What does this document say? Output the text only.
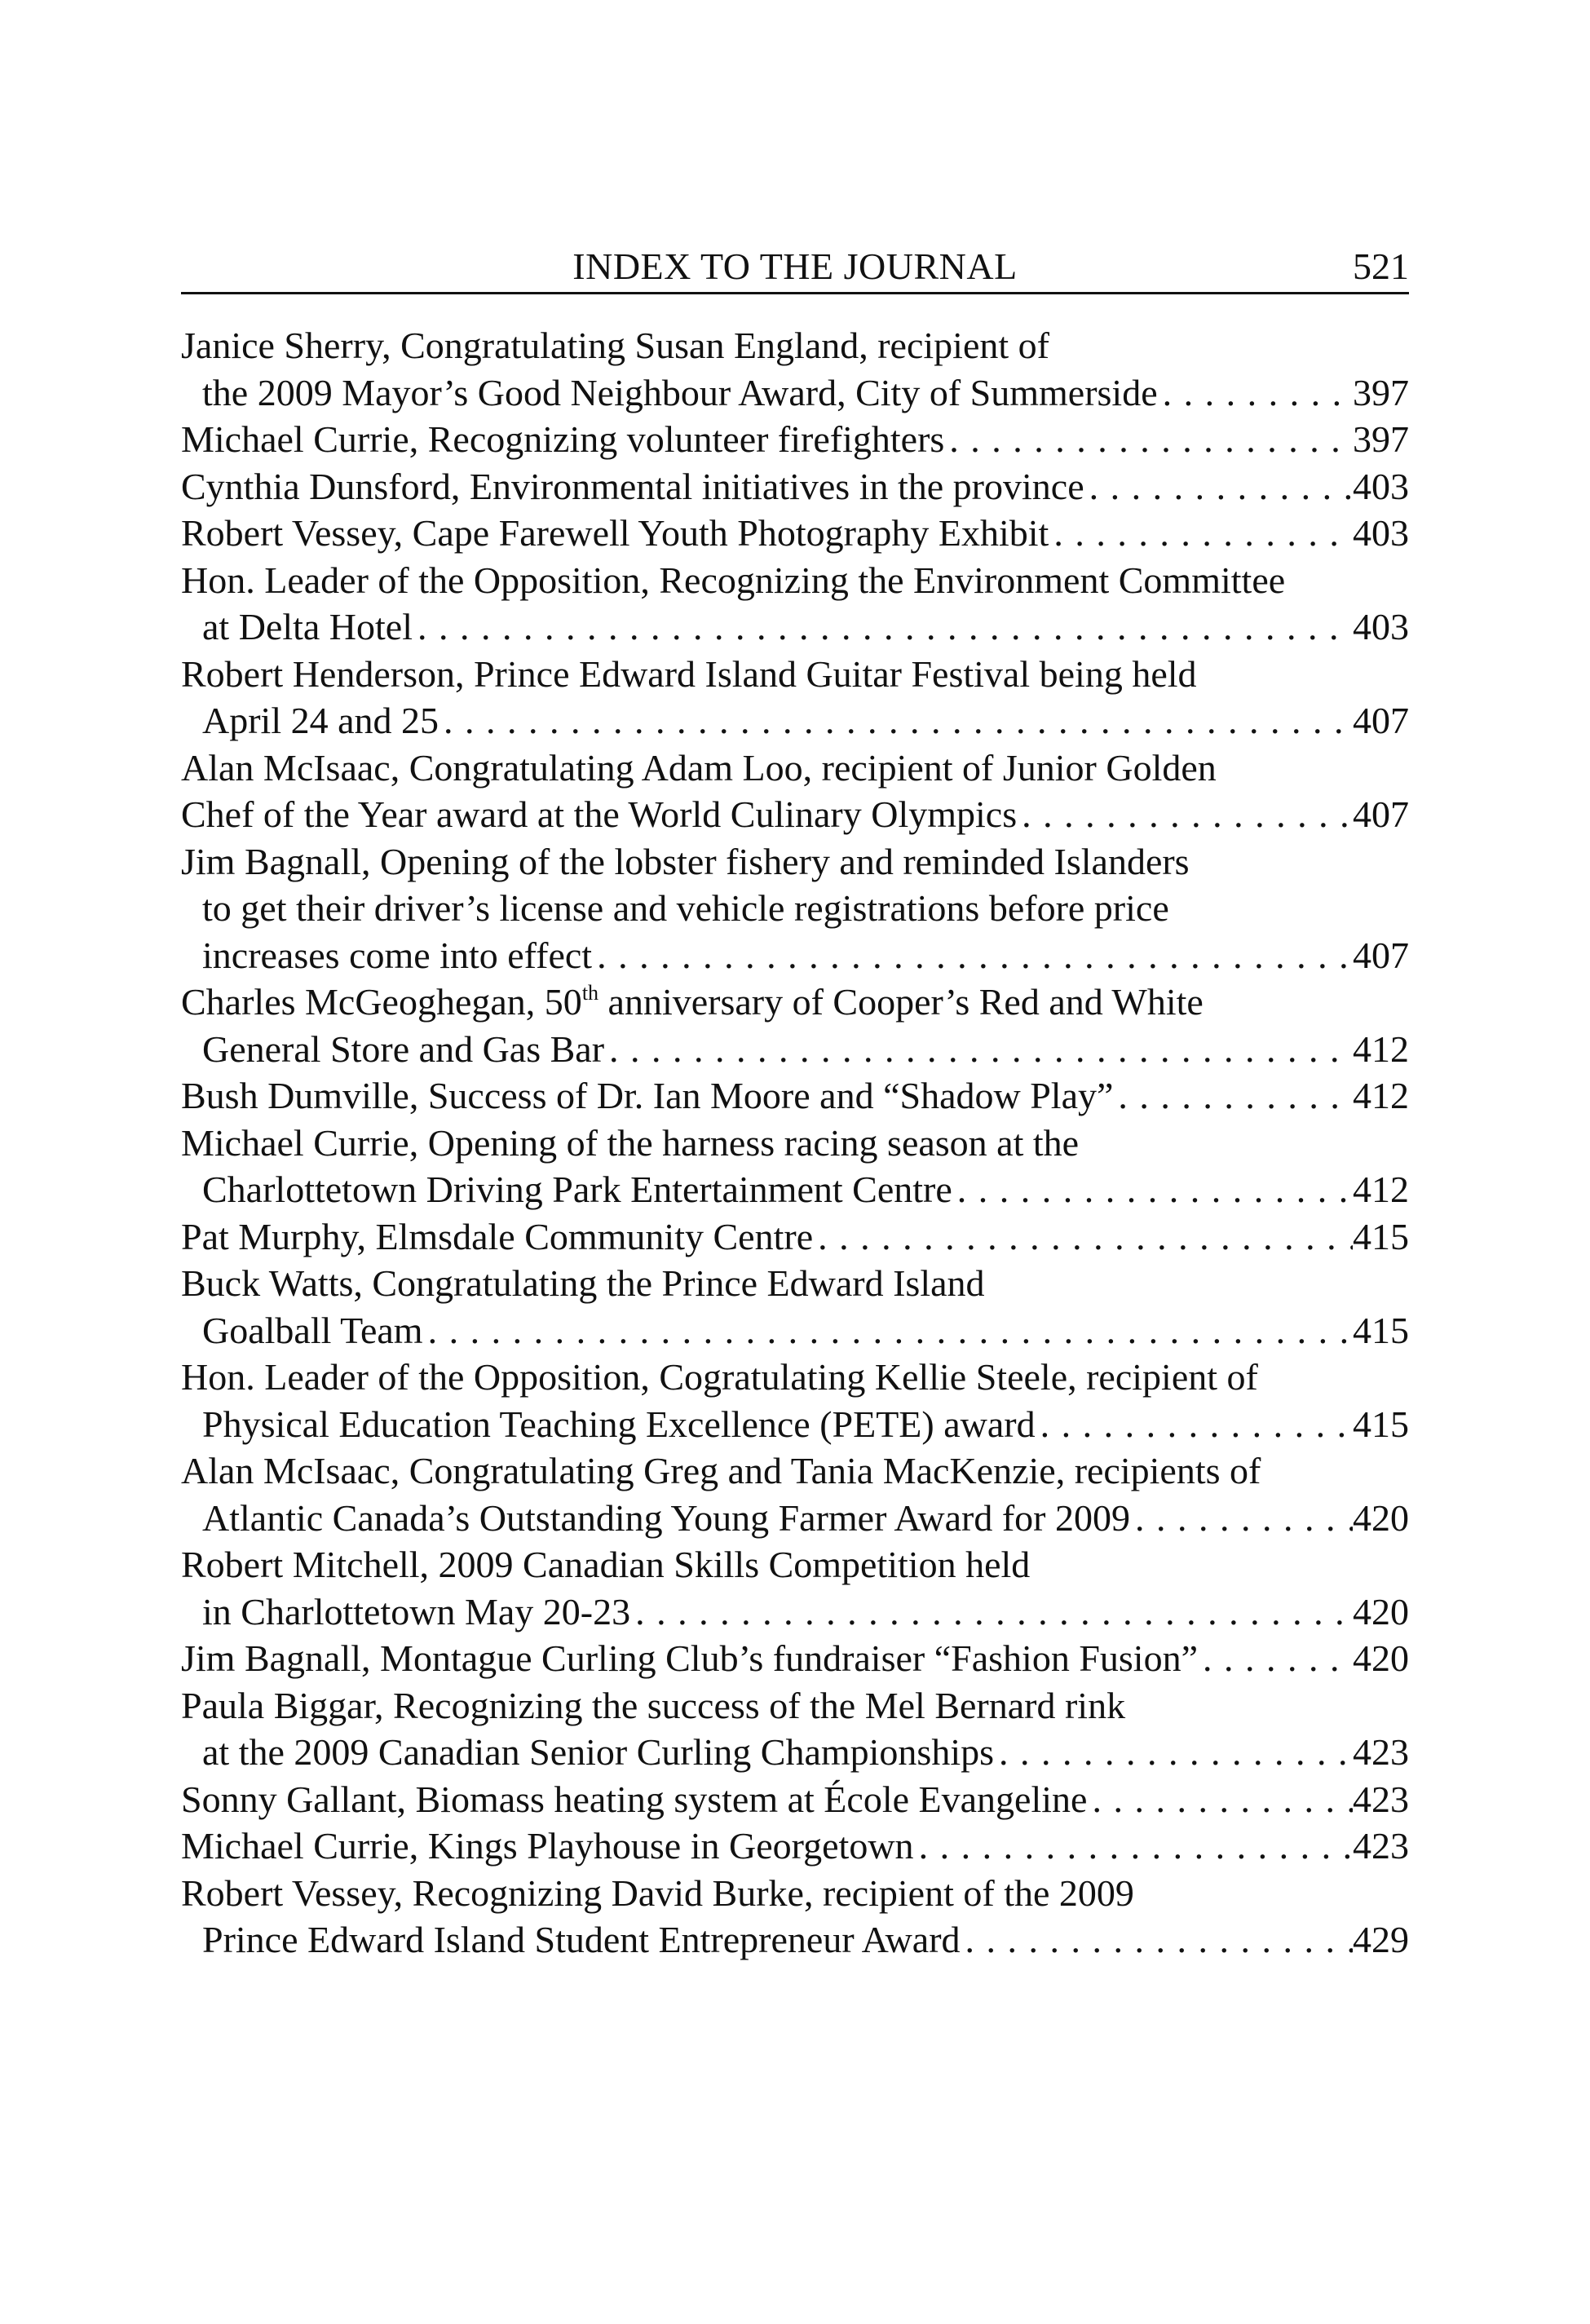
INDEX TO THE JOURNAL	521
Janice Sherry, Congratulating Susan England, recipient of
the 2009 Mayor’s Good Neighbour Award, City of Summerside . . .	397
Michael Currie, Recognizing volunteer firefighters . . .	397
Cynthia Dunsford, Environmental initiatives in the province . . .	403
Robert Vessey, Cape Farewell Youth Photography Exhibit . . .	403
Hon. Leader of the Opposition, Recognizing the Environment Committee
at Delta Hotel . . .	403
Robert Henderson, Prince Edward Island Guitar Festival being held
April 24 and 25 . . .	407
Alan McIsaac, Congratulating Adam Loo, recipient of Junior Golden
Chef of the Year award at the World Culinary Olympics . . .	407
Jim Bagnall, Opening of the lobster fishery and reminded Islanders
to get their driver’s license and vehicle registrations before price
increases come into effect . . .	407
Charles McGeoghegan, 50th anniversary of Cooper’s Red and White
General Store and Gas Bar . . .	412
Bush Dumville, Success of Dr. Ian Moore and “Shadow Play” . . .	412
Michael Currie, Opening of the harness racing season at the
Charlottetown Driving Park Entertainment Centre . . .	412
Pat Murphy, Elmsdale Community Centre . . .	415
Buck Watts, Congratulating the Prince Edward Island
Goalball Team . . .	415
Hon. Leader of the Opposition, Cogratulating Kellie Steele, recipient of
Physical Education Teaching Excellence (PETE) award . . .	415
Alan McIsaac, Congratulating Greg and Tania MacKenzie, recipients of
Atlantic Canada’s Outstanding Young Farmer Award for 2009 . . .	420
Robert Mitchell, 2009 Canadian Skills Competition held
in Charlottetown May 20-23 . . .	420
Jim Bagnall, Montague Curling Club’s fundraiser “Fashion Fusion” . . .	420
Paula Biggar, Recognizing the success of the Mel Bernard rink
at the 2009 Canadian Senior Curling Championships . . .	423
Sonny Gallant, Biomass heating system at École Evangeline . . .	423
Michael Currie, Kings Playhouse in Georgetown . . .	423
Robert Vessey, Recognizing David Burke, recipient of the 2009
Prince Edward Island Student Entrepreneur Award . . .	429
